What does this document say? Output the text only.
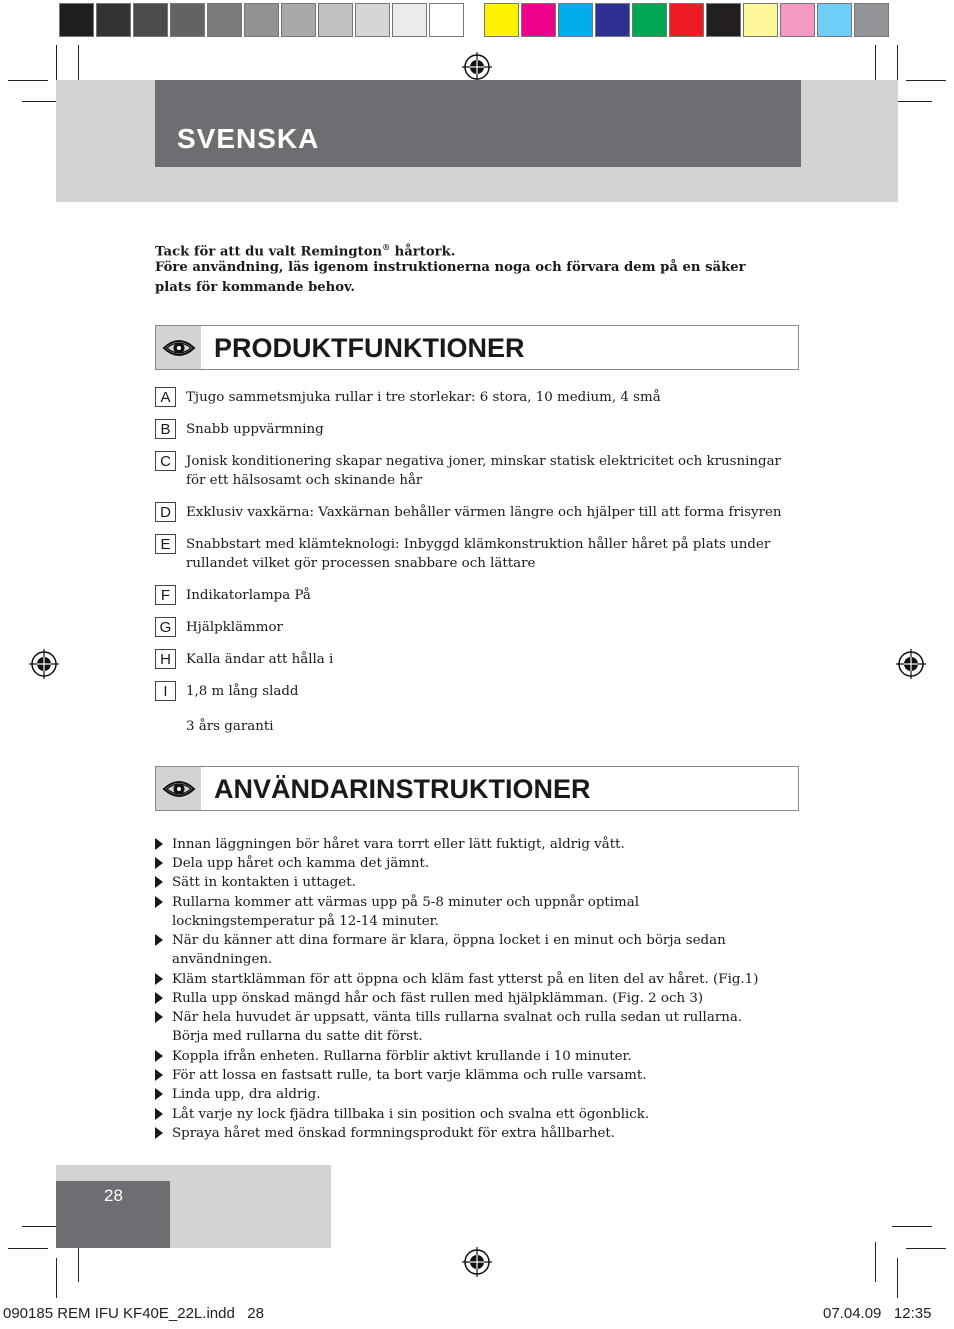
SVENSKA
Tack för att du valt Remington® hårtork.
Före användning, läs igenom instruktionerna noga och förvara dem på en säker plats för kommande behov.
PRODUKTFUNKTIONER
A	Tjugo sammetsmjuka rullar i tre storlekar: 6 stora, 10 medium, 4 små
B	Snabb uppvärmning
C	Jonisk konditionering skapar negativa joner, minskar statisk elektricitet och krusningar för ett hälsosamt och skinande hår
D	Exklusiv vaxkärna: Vaxkärnan behåller värmen längre och hjälper till att forma frisyren
E	Snabbstart med klämteknologi: Inbyggd klämkonstruktion håller håret på plats under rullandet vilket gör processen snabbare och lättare
F	Indikatorlampa På
G	Hjälpklämmor
H	Kalla ändar att hålla i
I	1,8 m lång sladd
3 års garanti
ANVÄNDARINSTRUKTIONER
Innan läggningen bör håret vara torrt eller lätt fuktigt, aldrig vått.
Dela upp håret och kamma det jämnt.
Sätt in kontakten i uttaget.
Rullarna kommer att värmas upp på 5-8 minuter och uppnår optimal lockningstemperatur på 12-14 minuter.
När du känner att dina formare är klara, öppna locket i en minut och börja sedan användningen.
Kläm startklämman för att öppna och kläm fast ytterst på en liten del av håret. (Fig.1)
Rulla upp önskad mängd hår och fäst rullen med hjälpklämman. (Fig. 2 och 3)
När hela huvudet är uppsatt, vänta tills rullarna svalnat och rulla sedan ut rullarna. Börja med rullarna du satte dit först.
Koppla ifrån enheten. Rullarna förblir aktivt krullande i 10 minuter.
För att lossa en fastsatt rulle, ta bort varje klämma och rulle varsamt.
Linda upp, dra aldrig.
Låt varje ny lock fjädra tillbaka i sin position och svalna ett ögonblick.
Spraya håret med önskad formningsprodukt för extra hållbarhet.
28
090185 REM IFU KF40E_22L.indd   28	07.04.09   12:35
